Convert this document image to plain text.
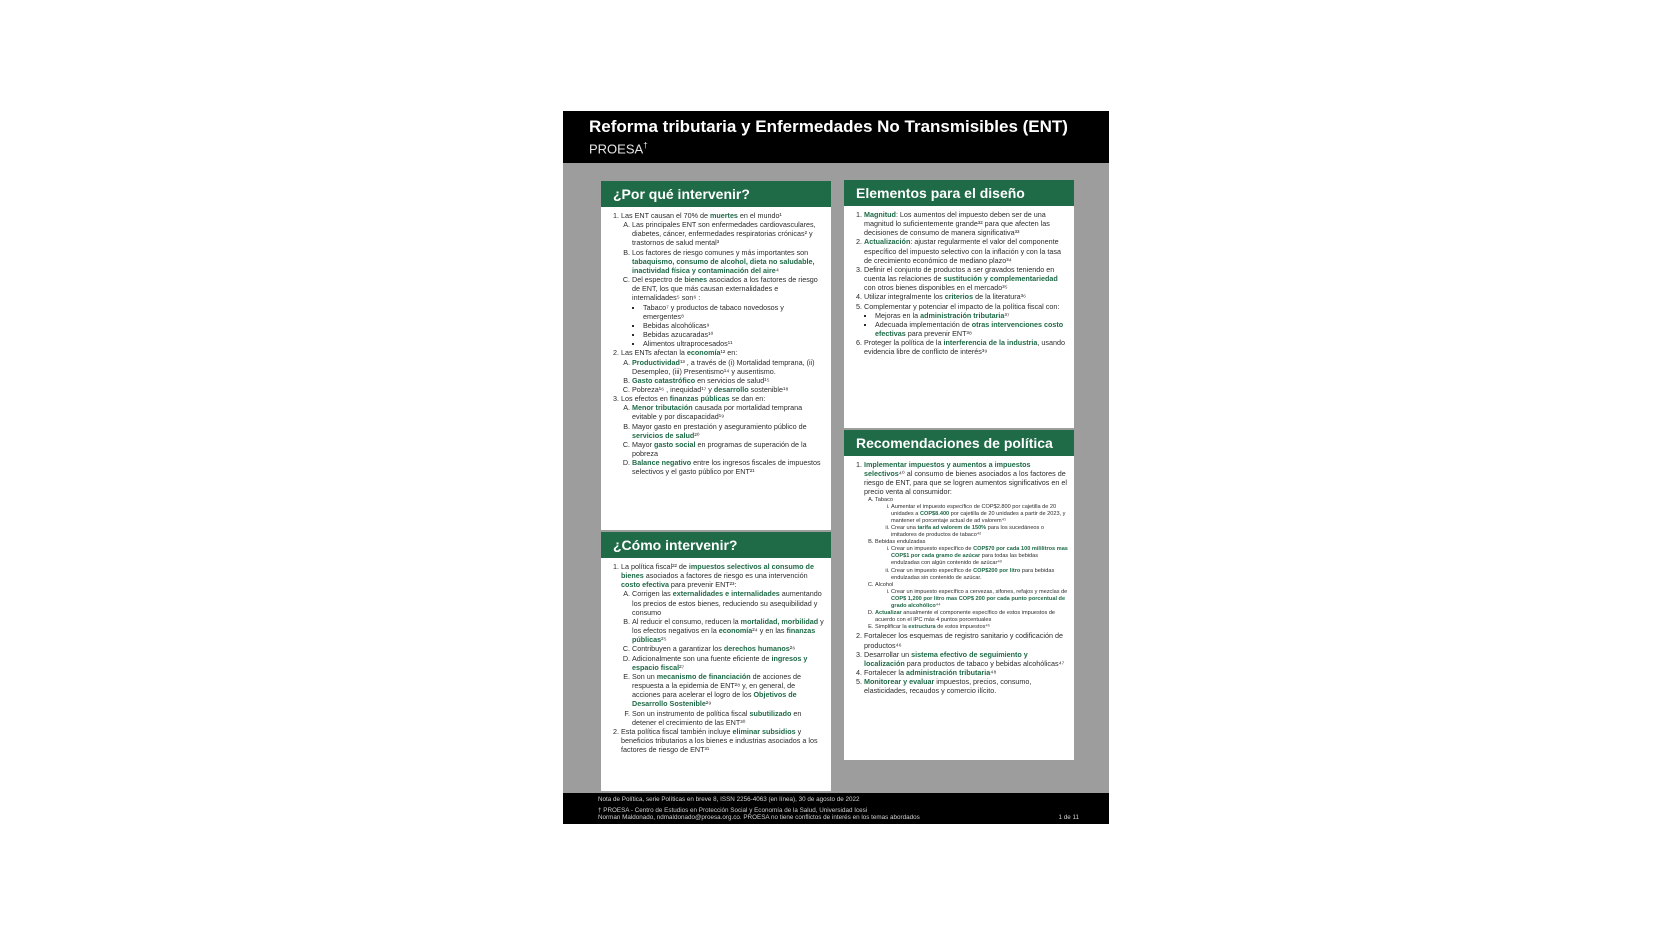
Reforma tributaria y Enfermedades No Transmisibles (ENT)
PROESA†
¿Por qué intervenir?
1. Las ENT causan el 70% de muertes en el mundo¹
A. Las principales ENT son enfermedades cardiovasculares, diabetes, cáncer, enfermedades respiratorias crónicas² y trastornos de salud mental³
B. Los factores de riesgo comunes y más importantes son tabaquismo, consumo de alcohol, dieta no saludable, inactividad física y contaminación del aire⁴
C. Del espectro de bienes asociados a los factores de riesgo de ENT, los que más causan externalidades e internalidades⁵ son⁶ :
▪ Tabaco⁷ y productos de tabaco novedosos y emergentes⁸
▪ Bebidas alcohólicas⁹
▪ Bebidas azucaradas¹⁰
▪ Alimentos ultraprocesados¹¹
2. Las ENTs afectan la economía¹² en:
A. Productividad¹³ , a través de (i) Mortalidad temprana, (ii) Desempleo, (iii) Presentismo¹⁴ y ausentismo.
B. Gasto catastrófico en servicios de salud¹⁵
C. Pobreza¹⁶ , inequidad¹⁷ y desarrollo sostenible¹⁸
3. Los efectos en finanzas públicas se dan en:
A. Menor tributación causada por mortalidad temprana evitable y por discapacidad¹⁹
B. Mayor gasto en prestación y aseguramiento público de servicios de salud²⁰
C. Mayor gasto social en programas de superación de la pobreza
D. Balance negativo entre los ingresos fiscales de impuestos selectivos y el gasto público por ENT²¹
¿Cómo intervenir?
1. La política fiscal²² de impuestos selectivos al consumo de bienes asociados a factores de riesgo es una intervención costo efectiva para prevenir ENT²³:
A. Corrigen las externalidades e internalidades aumentando los precios de estos bienes, reduciendo su asequibilidad y consumo
B. Al reducir el consumo, reducen la mortalidad, morbilidad y los efectos negativos en la economía²⁴ y en las finanzas públicas²⁵
C. Contribuyen a garantizar los derechos humanos²⁶
D. Adicionalmente son una fuente eficiente de ingresos y espacio fiscal²⁷
E. Son un mecanismo de financiación de acciones de respuesta a la epidemia de ENT²⁸ y, en general, de acciones para acelerar el logro de los Objetivos de Desarrollo Sostenible²⁹
F. Son un instrumento de política fiscal subutilizado en detener el crecimiento de las ENT³⁰
2. Esta política fiscal también incluye eliminar subsidios y beneficios tributarios a los bienes e industrias asociados a los factores de riesgo de ENT³¹
Elementos para el diseño
1. Magnitud: Los aumentos del impuesto deben ser de una magnitud lo suficientemente grande³² para que afecten las decisiones de consumo de manera significativa³³
2. Actualización: ajustar regularmente el valor del componente específico del impuesto selectivo con la inflación y con la tasa de crecimiento económico de mediano plazo³⁴
3. Definir el conjunto de productos a ser gravados teniendo en cuenta las relaciones de sustitución y complementariedad con otros bienes disponibles en el mercado³⁵
4. Utilizar integralmente los criterios de la literatura³⁶
5. Complementar y potenciar el impacto de la política fiscal con:
▪ Mejoras en la administración tributaria³⁷
▪ Adecuada implementación de otras intervenciones costo efectivas para prevenir ENT³⁸
6. Proteger la política de la interferencia de la industria, usando evidencia libre de conflicto de interés³⁹
Recomendaciones de política
1. Implementar impuestos y aumentos a impuestos selectivos⁴⁰ al consumo de bienes asociados a los factores de riesgo de ENT, para que se logren aumentos significativos en el precio venta al consumidor:
A. Tabaco
i. Aumentar el impuesto específico de COP$2.800 por cajetilla de 20 unidades a COP$8.400 por cajetilla de 20 unidades a partir de 2023, y mantener el porcentaje actual de ad valorem⁴¹
ii. Crear una tarifa ad valorem de 150% para los sucedáneos o imitadores de productos de tabaco⁴²
B. Bebidas endulzadas
i. Crear un impuesto específico de COP$70 por cada 100 mililitros mas COP$1 por cada gramo de azúcar para todas las bebidas endulzadas con algún contenido de azúcar⁴³
ii. Crear un impuesto específico de COP$200 por litro para bebidas endulzadas sin contenido de azúcar.
C. Alcohol
i. Crear un impuesto específico a cervezas, sifones, refajos y mezclas de COP$ 1,200 por litro mas COP$ 200 por cada punto porcentual de grado alcohólico⁴⁴
D. Actualizar anualmente el componente específico de estos impuestos de acuerdo con el IPC más 4 puntos porcentuales
E. Simplificar la estructura de estos impuestos⁴⁵
2. Fortalecer los esquemas de registro sanitario y codificación de productos⁴⁶
3. Desarrollar un sistema efectivo de seguimiento y localización para productos de tabaco y bebidas alcohólicas⁴⁷
4. Fortalecer la administración tributaria⁴⁸
5. Monitorear y evaluar impuestos, precios, consumo, elasticidades, recaudos y comercio ilícito.
Nota de Política, serie Políticas en breve 8, ISSN 2256-4063 (en línea), 30 de agosto de 2022
† PROESA - Centro de Estudios en Protección Social y Economía de la Salud, Universidad Icesi
Norman Maldonado, ndmaldonado@proesa.org.co. PROESA no tiene conflictos de interés en los temas abordados	1 de 11
